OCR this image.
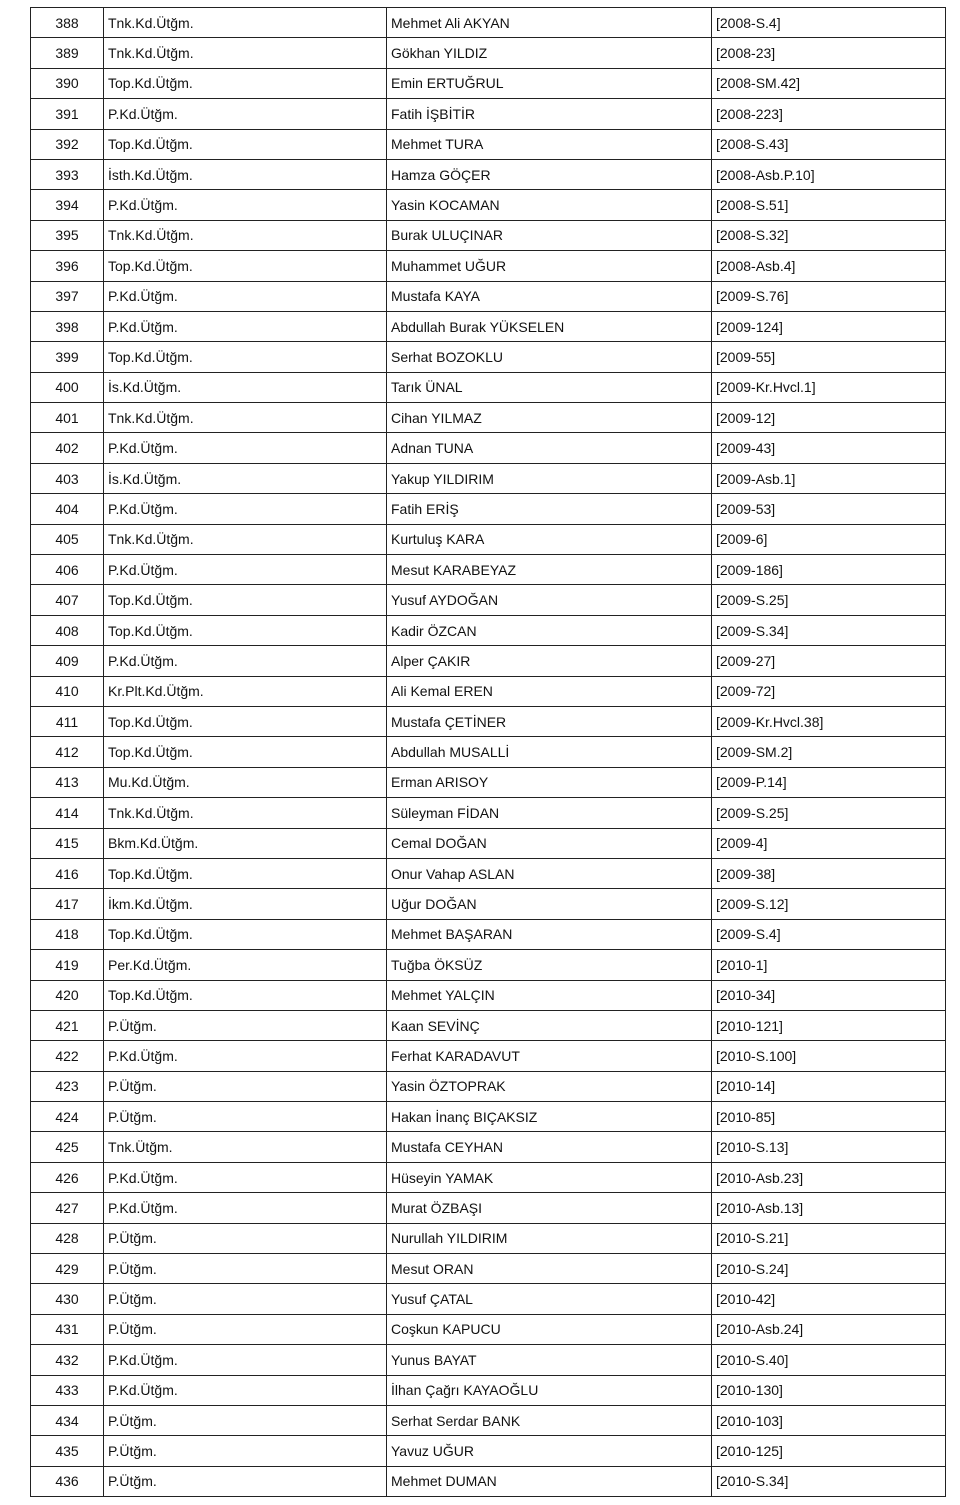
388	Tnk.Kd.Ütğm.	Mehmet Ali AKYAN	[2008-S.4]
389	Tnk.Kd.Ütğm.	Gökhan YILDIZ	[2008-23]
390	Top.Kd.Ütğm.	Emin ERTUĞRUL	[2008-SM.42]
391	P.Kd.Ütğm.	Fatih İŞBİTİR	[2008-223]
392	Top.Kd.Ütğm.	Mehmet TURA	[2008-S.43]
393	İsth.Kd.Ütğm.	Hamza GÖÇER	[2008-Asb.P.10]
394	P.Kd.Ütğm.	Yasin KOCAMAN	[2008-S.51]
395	Tnk.Kd.Ütğm.	Burak ULUÇINAR	[2008-S.32]
396	Top.Kd.Ütğm.	Muhammet UĞUR	[2008-Asb.4]
397	P.Kd.Ütğm.	Mustafa KAYA	[2009-S.76]
398	P.Kd.Ütğm.	Abdullah Burak YÜKSELEN	[2009-124]
399	Top.Kd.Ütğm.	Serhat BOZOKLU	[2009-55]
400	İs.Kd.Ütğm.	Tarık ÜNAL	[2009-Kr.Hvcl.1]
401	Tnk.Kd.Ütğm.	Cihan YILMAZ	[2009-12]
402	P.Kd.Ütğm.	Adnan TUNA	[2009-43]
403	İs.Kd.Ütğm.	Yakup YILDIRIM	[2009-Asb.1]
404	P.Kd.Ütğm.	Fatih ERİŞ	[2009-53]
405	Tnk.Kd.Ütğm.	Kurtuluş KARA	[2009-6]
406	P.Kd.Ütğm.	Mesut KARABEYAZ	[2009-186]
407	Top.Kd.Ütğm.	Yusuf AYDOĞAN	[2009-S.25]
408	Top.Kd.Ütğm.	Kadir ÖZCAN	[2009-S.34]
409	P.Kd.Ütğm.	Alper ÇAKIR	[2009-27]
410	Kr.Plt.Kd.Ütğm.	Ali Kemal EREN	[2009-72]
411	Top.Kd.Ütğm.	Mustafa ÇETİNER	[2009-Kr.Hvcl.38]
412	Top.Kd.Ütğm.	Abdullah MUSALLİ	[2009-SM.2]
413	Mu.Kd.Ütğm.	Erman ARISOY	[2009-P.14]
414	Tnk.Kd.Ütğm.	Süleyman FİDAN	[2009-S.25]
415	Bkm.Kd.Ütğm.	Cemal DOĞAN	[2009-4]
416	Top.Kd.Ütğm.	Onur Vahap ASLAN	[2009-38]
417	İkm.Kd.Ütğm.	Uğur DOĞAN	[2009-S.12]
418	Top.Kd.Ütğm.	Mehmet BAŞARAN	[2009-S.4]
419	Per.Kd.Ütğm.	Tuğba ÖKSÜZ	[2010-1]
420	Top.Kd.Ütğm.	Mehmet YALÇIN	[2010-34]
421	P.Ütğm.	Kaan SEVİNÇ	[2010-121]
422	P.Kd.Ütğm.	Ferhat KARADAVUT	[2010-S.100]
423	P.Ütğm.	Yasin ÖZTOPRAK	[2010-14]
424	P.Ütğm.	Hakan İnanç BIÇAKSIZ	[2010-85]
425	Tnk.Ütğm.	Mustafa CEYHAN	[2010-S.13]
426	P.Kd.Ütğm.	Hüseyin YAMAK	[2010-Asb.23]
427	P.Kd.Ütğm.	Murat ÖZBAŞI	[2010-Asb.13]
428	P.Ütğm.	Nurullah YILDIRIM	[2010-S.21]
429	P.Ütğm.	Mesut ORAN	[2010-S.24]
430	P.Ütğm.	Yusuf ÇATAL	[2010-42]
431	P.Ütğm.	Coşkun KAPUCU	[2010-Asb.24]
432	P.Kd.Ütğm.	Yunus BAYAT	[2010-S.40]
433	P.Kd.Ütğm.	İlhan Çağrı KAYAOĞLU	[2010-130]
434	P.Ütğm.	Serhat Serdar BANK	[2010-103]
435	P.Ütğm.	Yavuz UĞUR	[2010-125]
436	P.Ütğm.	Mehmet DUMAN	[2010-S.34]
